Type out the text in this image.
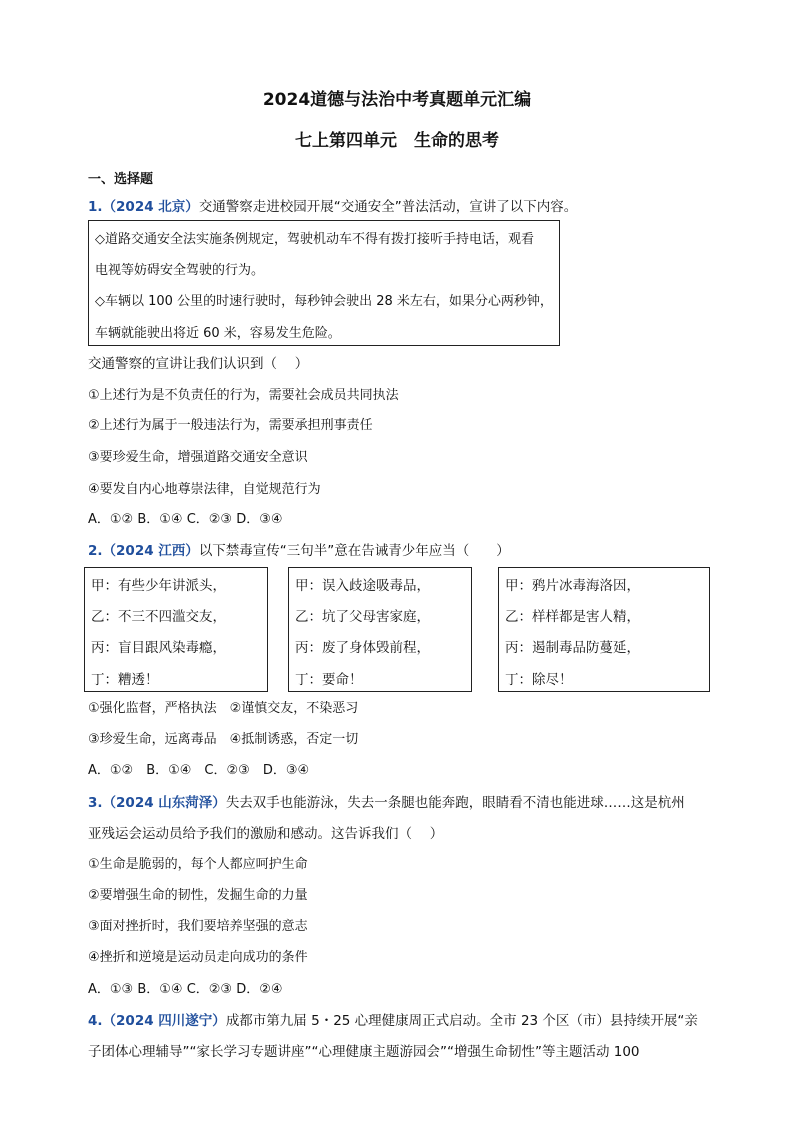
2024道德与法治中考真题单元汇编
七上第四单元　生命的思考
一、选择题
1.（2024 北京）交通警察走进校园开展“交通安全”普法活动，宣讲了以下内容。
◇道路交通安全法实施条例规定，驾驶机动车不得有拨打接听手持电话，观看
电视等妨碍安全驾驶的行为。
◇车辆以 100 公里的时速行驶时，每秒钟会驶出 28 米左右，如果分心两秒钟，
车辆就能驶出将近 60 米，容易发生危险。
交通警察的宣讲让我们认识到（　 ）
①上述行为是不负责任的行为，需要社会成员共同执法
②上述行为属于一般违法行为，需要承担刑事责任
③要珍爱生命，增强道路交通安全意识
④要发自内心地尊崇法律，自觉规范行为
A．①② B．①④ C．②③ D．③④
2.（2024 江西）以下禁毒宣传“三句半”意在告诫青少年应当（　　）
甲：有些少年讲派头，
乙：不三不四滥交友，
丙：盲目跟风染毒瘾，
丁：糟透！
甲：误入歧途吸毒品，
乙：坑了父母害家庭，
丙：废了身体毁前程，
丁：要命！
甲：鸦片冰毒海洛因，
乙：样样都是害人精，
丙：遏制毒品防蔓延，
丁：除尽！
①强化监督，严格执法　②谨慎交友，不染恶习
③珍爱生命，远离毒品　④抵制诱惑，否定一切
A．①②　B．①④　C．②③　D．③④
3.（2024 山东菏泽）失去双手也能游泳，失去一条腿也能奔跑，眼睛看不清也能进球……这是杭州
亚残运会运动员给予我们的激励和感动。这告诉我们（　 ）
①生命是脆弱的，每个人都应呵护生命
②要增强生命的韧性，发掘生命的力量
③面对挫折时，我们要培养坚强的意志
④挫折和逆境是运动员走向成功的条件
A．①③ B．①④ C．②③ D．②④
4.（2024 四川遂宁）成都市第九届 5・25 心理健康周正式启动。全市 23 个区（市）县持续开展“亲
子团体心理辅导”“家长学习专题讲座”“心理健康主题游园会”“增强生命韧性”等主题活动 100
